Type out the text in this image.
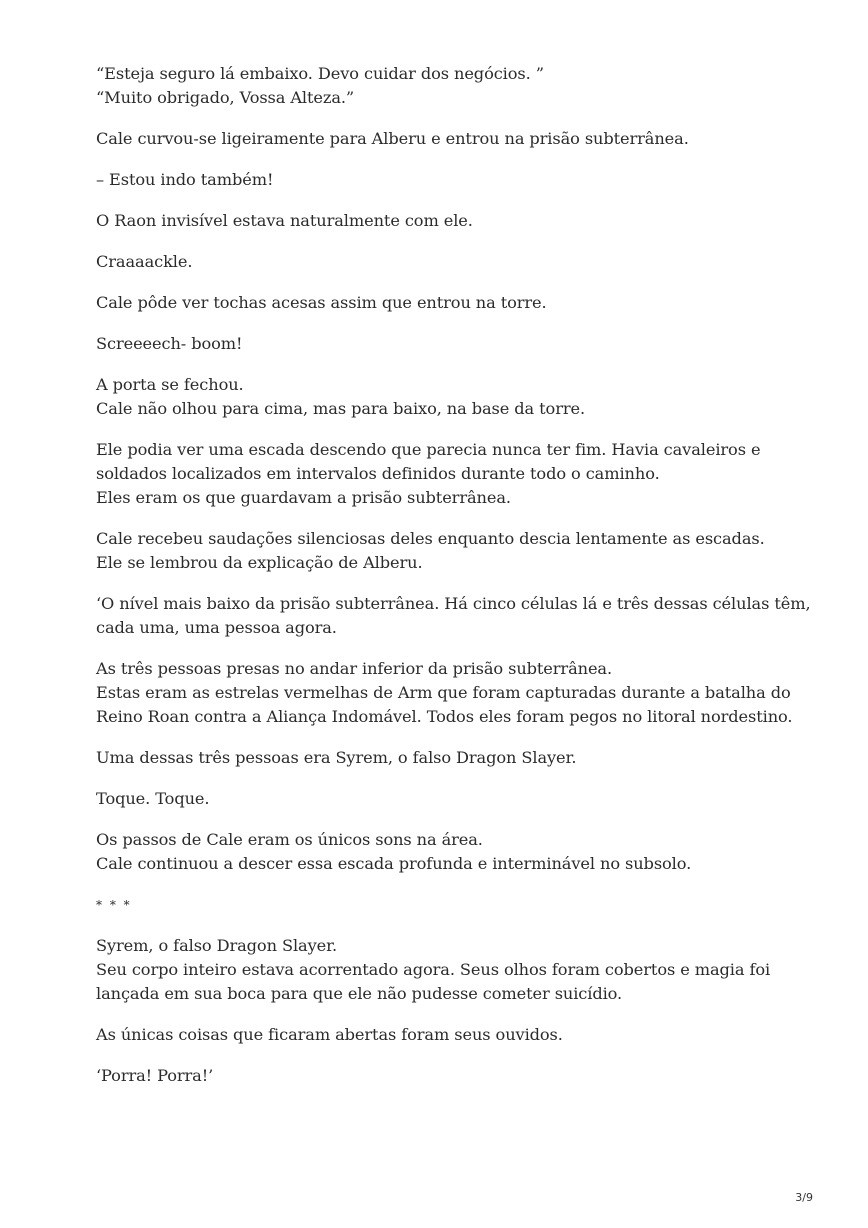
“Esteja seguro lá embaixo. Devo cuidar dos negócios. ”
“Muito obrigado, Vossa Alteza.”

Cale curvou-se ligeiramente para Alberu e entrou na prisão subterrânea.

– Estou indo também!

O Raon invisível estava naturalmente com ele.

Craaaackle.

Cale pôde ver tochas acesas assim que entrou na torre.

Screeeech- boom!

A porta se fechou.
Cale não olhou para cima, mas para baixo, na base da torre.

Ele podia ver uma escada descendo que parecia nunca ter fim. Havia cavaleiros e
soldados localizados em intervalos definidos durante todo o caminho.
Eles eram os que guardavam a prisão subterrânea.

Cale recebeu saudações silenciosas deles enquanto descia lentamente as escadas.
Ele se lembrou da explicação de Alberu.

‘O nível mais baixo da prisão subterrânea. Há cinco células lá e três dessas células têm,
cada uma, uma pessoa agora.

As três pessoas presas no andar inferior da prisão subterrânea.
Estas eram as estrelas vermelhas de Arm que foram capturadas durante a batalha do
Reino Roan contra a Aliança Indomável. Todos eles foram pegos no litoral nordestino.

Uma dessas três pessoas era Syrem, o falso Dragon Slayer.

Toque. Toque.

Os passos de Cale eram os únicos sons na área.
Cale continuou a descer essa escada profunda e interminável no subsolo.

* * *

Syrem, o falso Dragon Slayer.
Seu corpo inteiro estava acorrentado agora. Seus olhos foram cobertos e magia foi
lançada em sua boca para que ele não pudesse cometer suicídio.

As únicas coisas que ficaram abertas foram seus ouvidos.

‘Porra! Porra!’

3/9
